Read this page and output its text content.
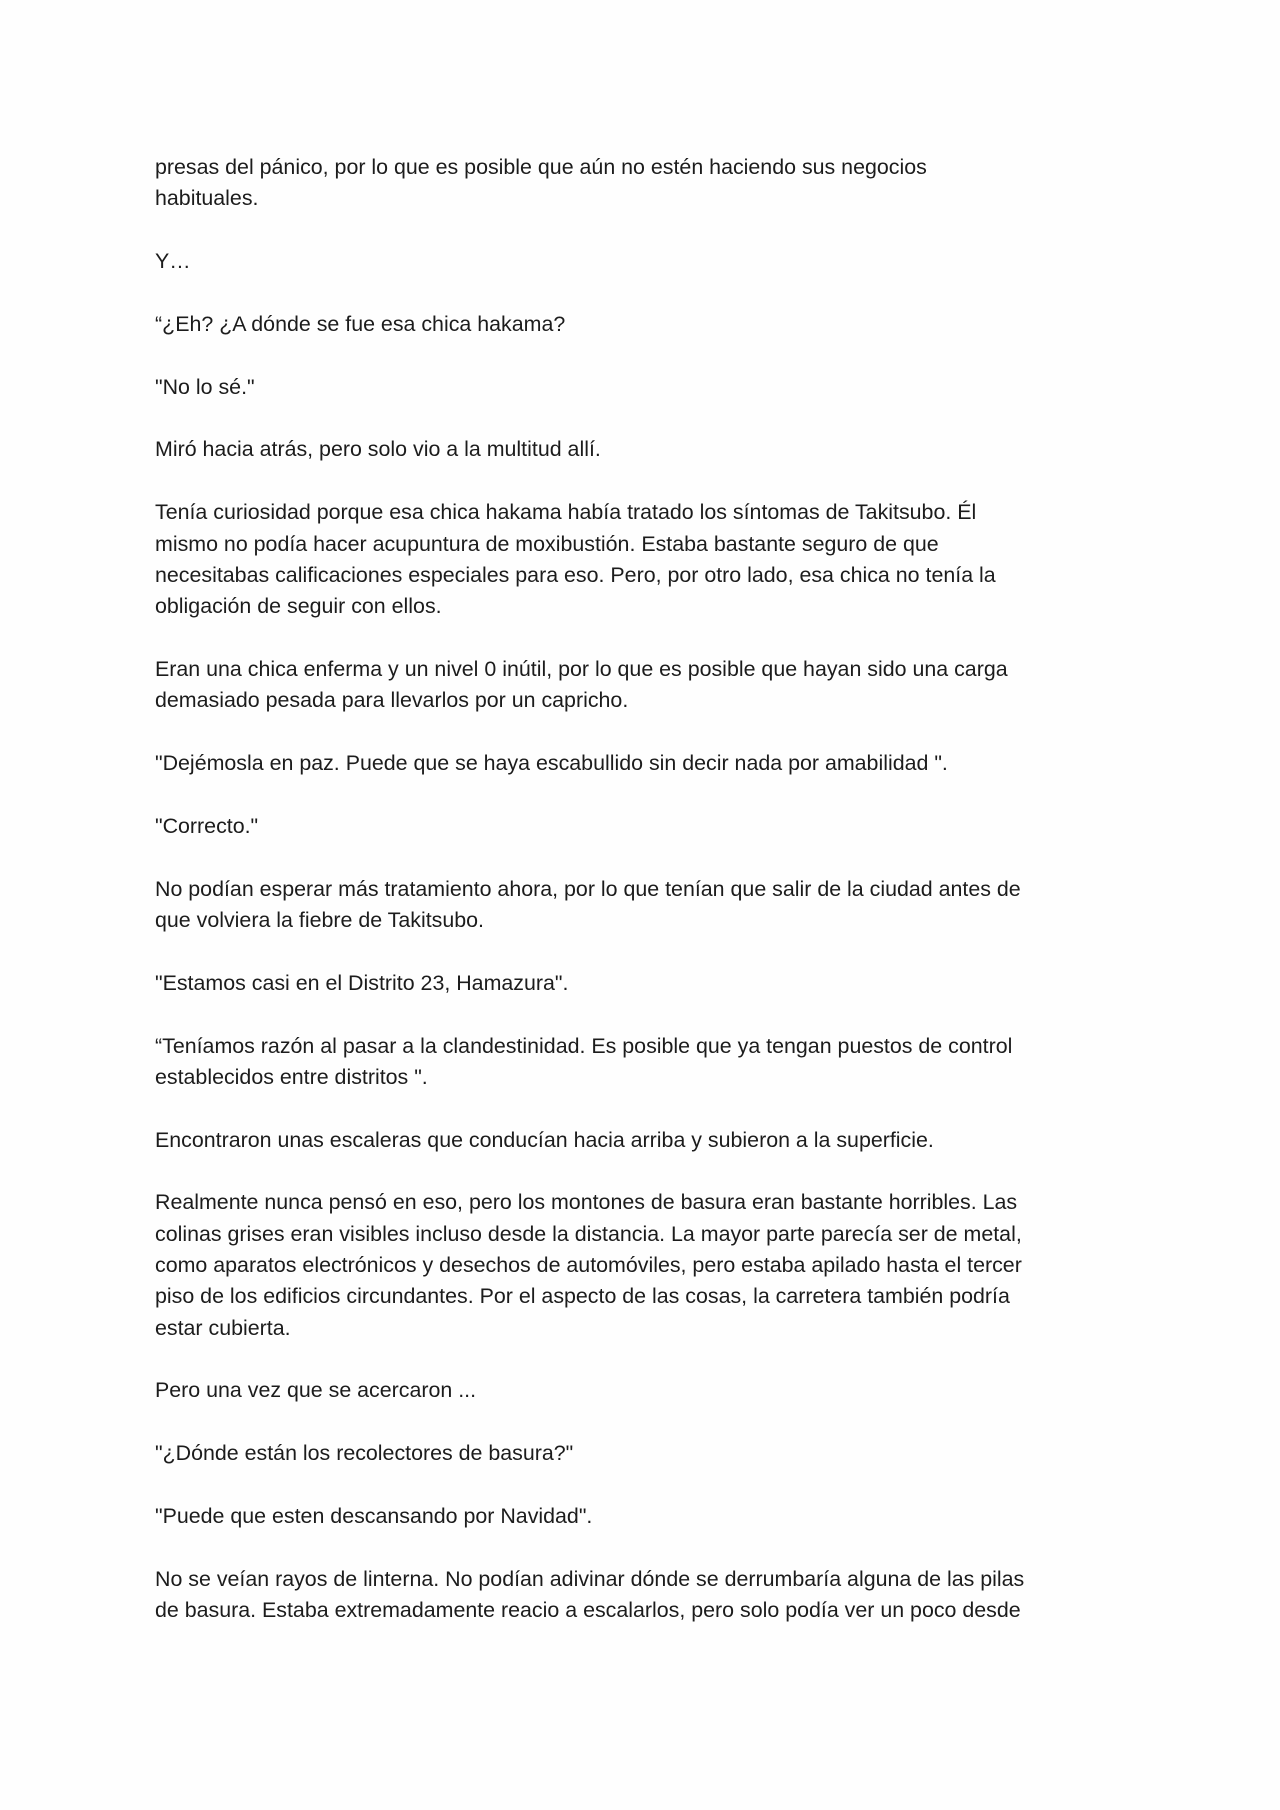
presas del pánico, por lo que es posible que aún no estén haciendo sus negocios
habituales.

Y…

“¿Eh? ¿A dónde se fue esa chica hakama?

"No lo sé."

Miró hacia atrás, pero solo vio a la multitud allí.

Tenía curiosidad porque esa chica hakama había tratado los síntomas de Takitsubo. Él
mismo no podía hacer acupuntura de moxibustión. Estaba bastante seguro de que
necesitabas calificaciones especiales para eso. Pero, por otro lado, esa chica no tenía la
obligación de seguir con ellos.

Eran una chica enferma y un nivel 0 inútil, por lo que es posible que hayan sido una carga
demasiado pesada para llevarlos por un capricho.

"Dejémosla en paz. Puede que se haya escabullido sin decir nada por amabilidad ".

"Correcto."

No podían esperar más tratamiento ahora, por lo que tenían que salir de la ciudad antes de
que volviera la fiebre de Takitsubo.

"Estamos casi en el Distrito 23, Hamazura".

“Teníamos razón al pasar a la clandestinidad. Es posible que ya tengan puestos de control
establecidos entre distritos ".

Encontraron unas escaleras que conducían hacia arriba y subieron a la superficie.

Realmente nunca pensó en eso, pero los montones de basura eran bastante horribles. Las
colinas grises eran visibles incluso desde la distancia. La mayor parte parecía ser de metal,
como aparatos electrónicos y desechos de automóviles, pero estaba apilado hasta el tercer
piso de los edificios circundantes. Por el aspecto de las cosas, la carretera también podría
estar cubierta.

Pero una vez que se acercaron ...

"¿Dónde están los recolectores de basura?"

"Puede que esten descansando por Navidad".

No se veían rayos de linterna. No podían adivinar dónde se derrumbaría alguna de las pilas
de basura. Estaba extremadamente reacio a escalarlos, pero solo podía ver un poco desde
